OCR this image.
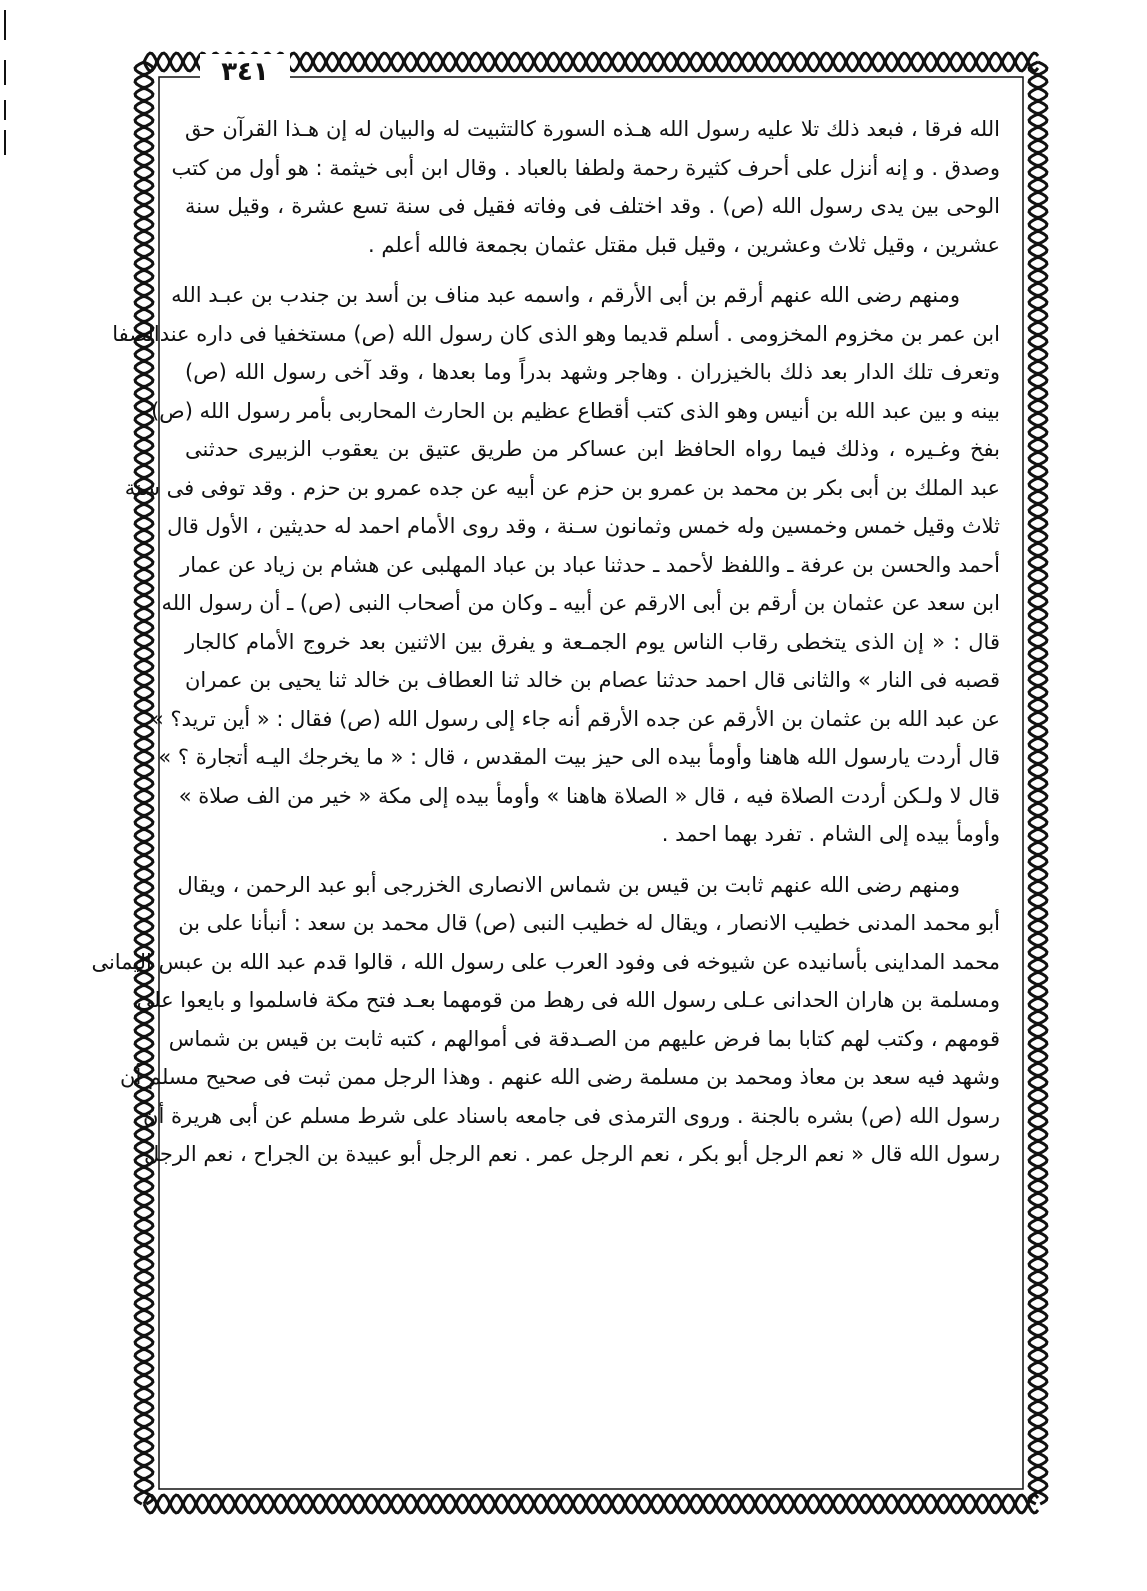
٣٤١
الله فرقا ، فبعد ذلك تلا عليه رسول الله هـذه السورة كالتثبيت له والبيان له إن هـذا القرآن حق
وصدق . و إنه أنزل على أحرف كثيرة رحمة ولطفا بالعباد . وقال ابن أبى خيثمة : هو أول من كتب
الوحى بين يدى رسول الله (ص) . وقد اختلف فى وفاته فقيل فى سنة تسع عشرة ، وقيل سنة
عشرين ، وقيل ثلاث وعشرين ، وقيل قبل مقتل عثمان بجمعة فالله أعلم .
ومنهم رضى الله عنهم أرقم بن أبى الأرقم ، واسمه عبد مناف بن أسد بن جندب بن عبـد الله
ابن عمر بن مخزوم المخزومى . أسلم قديما وهو الذى كان رسول الله (ص) مستخفيا فى داره عندالصفا
وتعرف تلك الدار بعد ذلك بالخيزران . وهاجر وشهد بدراً وما بعدها ، وقد آخى رسول الله (ص)
بينه و بين عبد الله بن أنيس وهو الذى كتب أقطاع عظيم بن الحارث المحاربى بأمر رسول الله (ص)
بفخ وغـيره ، وذلك فيما رواه الحافظ ابن عساكر من طريق عتيق بن يعقوب الزبيرى حدثنى
عبد الملك بن أبى بكر بن محمد بن عمرو بن حزم عن أبيه عن جده عمرو بن حزم . وقد توفى فى سنة
ثلاث وقيل خمس وخمسين وله خمس وثمانون سـنة ، وقد روى الأمام احمد له حديثين ، الأول قال
أحمد والحسن بن عرفة ـ واللفظ لأحمد ـ حدثنا عباد بن عباد المهلبى عن هشام بن زياد عن عمار
ابن سعد عن عثمان بن أرقم بن أبى الارقم عن أبيه ـ وكان من أصحاب النبى (ص) ـ أن رسول الله
قال : « إن الذى يتخطى رقاب الناس يوم الجمـعة و يفرق بين الاثنين بعد خروج الأمام كالجار
قصبه فى النار » والثانى قال احمد حدثنا عصام بن خالد ثنا العطاف بن خالد ثنا يحيى بن عمران
عن عبد الله بن عثمان بن الأرقم عن جده الأرقم أنه جاء إلى رسول الله (ص) فقال : « أين تريد؟ »
قال أردت يارسول الله هاهنا وأومأ بيده الى حيز بيت المقدس ، قال : « ما يخرجك اليـه أتجارة ؟ »
قال لا ولـكن أردت الصلاة فيه ، قال « الصلاة هاهنا » وأومأ بيده إلى مكة « خير من الف صلاة »
وأومأ بيده إلى الشام . تفرد بهما احمد .
ومنهم رضى الله عنهم ثابت بن قيس بن شماس الانصارى الخزرجى أبو عبد الرحمن ، ويقال
أبو محمد المدنى خطيب الانصار ، ويقال له خطيب النبى (ص) قال محمد بن سعد : أنبأنا على بن
محمد المداينى بأسانيده عن شيوخه فى وفود العرب على رسول الله ، قالوا قدم عبد الله بن عبس اليمانى
ومسلمة بن هاران الحدانى عـلى رسول الله فى رهط من قومهما بعـد فتح مكة فاسلموا و بايعوا على
قومهم ، وكتب لهم كتابا بما فرض عليهم من الصـدقة فى أموالهم ، كتبه ثابت بن قيس بن شماس
وشهد فيه سعد بن معاذ ومحمد بن مسلمة رضى الله عنهم . وهذا الرجل ممن ثبت فى صحيح مسلم أن
رسول الله (ص) بشره بالجنة . وروى الترمذى فى جامعه باسناد على شرط مسلم عن أبى هريرة أن
رسول الله قال « نعم الرجل أبو بكر ، نعم الرجل عمر . نعم الرجل أبو عبيدة بن الجراح ، نعم الرجل
